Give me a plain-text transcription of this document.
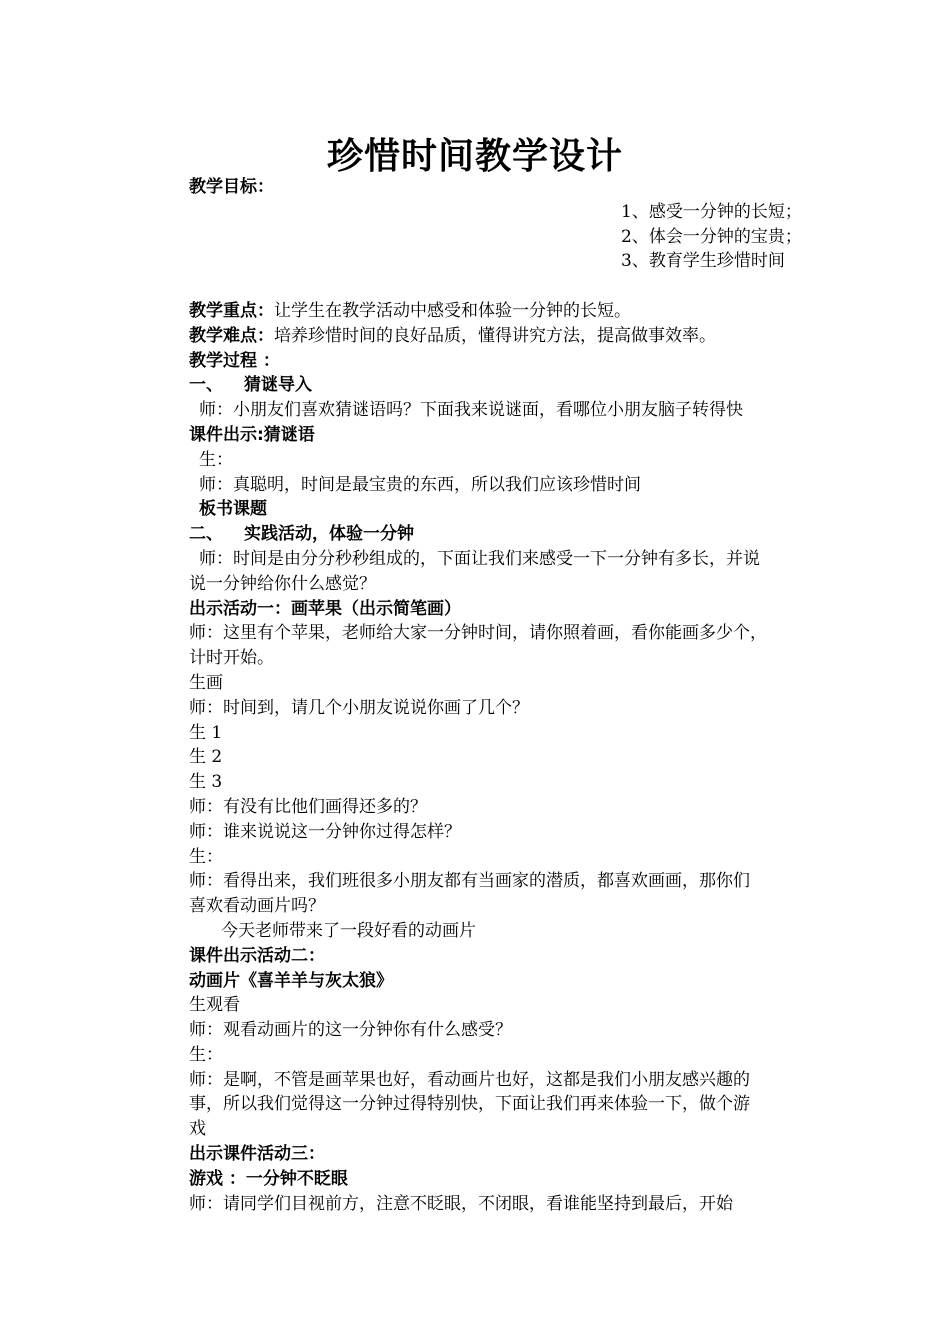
珍惜时间教学设计
教学目标：
1、感受一分钟的长短；
2、体会一分钟的宝贵；
3、教育学生珍惜时间
教学重点：让学生在教学活动中感受和体验一分钟的长短。
教学难点：培养珍惜时间的良好品质，懂得讲究方法，提高做事效率。
教学过程 ：
一、 猜谜导入
师：小朋友们喜欢猜谜语吗？下面我来说谜面，看哪位小朋友脑子转得快
课件出示:猜谜语
生：
师：真聪明，时间是最宝贵的东西，所以我们应该珍惜时间
板书课题
二、 实践活动，体验一分钟
师：时间是由分分秒秒组成的，下面让我们来感受一下一分钟有多长，并说
说一分钟给你什么感觉？
出示活动一：画苹果（出示简笔画）
师：这里有个苹果，老师给大家一分钟时间，请你照着画，看你能画多少个，
计时开始。
生画
师：时间到，请几个小朋友说说你画了几个？
生 1
生 2
生 3
师：有没有比他们画得还多的？
师：谁来说说这一分钟你过得怎样？
生：
师：看得出来，我们班很多小朋友都有当画家的潜质，都喜欢画画，那你们
喜欢看动画片吗？
今天老师带来了一段好看的动画片
课件出示活动二：
动画片《喜羊羊与灰太狼》
生观看
师：观看动画片的这一分钟你有什么感受？
生：
师：是啊，不管是画苹果也好，看动画片也好，这都是我们小朋友感兴趣的
事，所以我们觉得这一分钟过得特别快，下面让我们再来体验一下，做个游
戏
出示课件活动三：
游戏 ：一分钟不眨眼
师：请同学们目视前方，注意不眨眼，不闭眼，看谁能坚持到最后，开始
